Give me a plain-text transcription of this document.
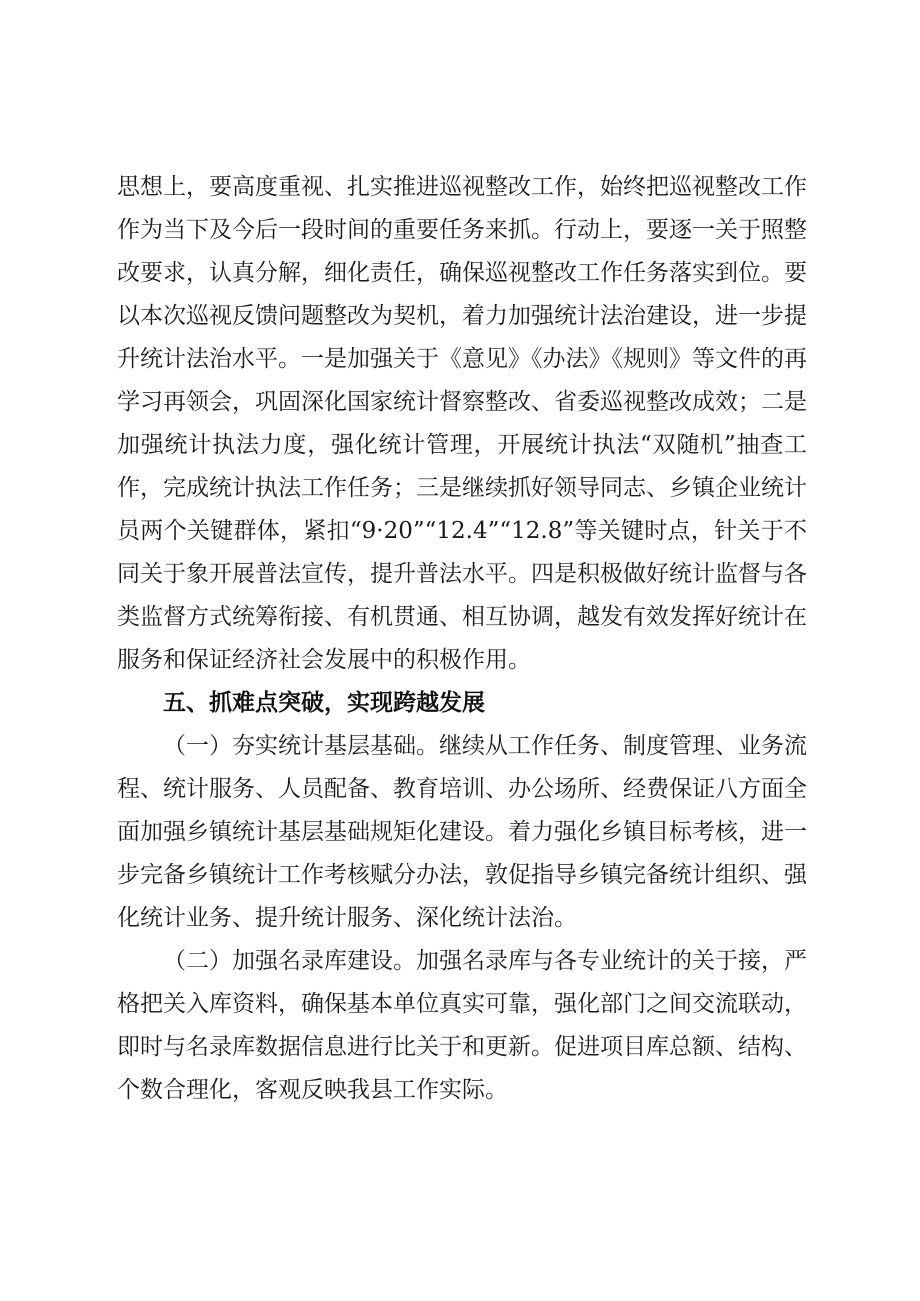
思想上，要高度重视、扎实推进巡视整改工作，始终把巡视整改工作作为当下及今后一段时间的重要任务来抓。行动上，要逐一关于照整改要求，认真分解，细化责任，确保巡视整改工作任务落实到位。要以本次巡视反馈问题整改为契机，着力加强统计法治建设，进一步提升统计法治水平。一是加强关于《意见》《办法》《规则》等文件的再学习再领会，巩固深化国家统计督察整改、省委巡视整改成效；二是加强统计执法力度，强化统计管理，开展统计执法“双随机”抽查工作，完成统计执法工作任务；三是继续抓好领导同志、乡镇企业统计员两个关键群体，紧扣“9·20”“12.4”“12.8”等关键时点，针关于不同关于象开展普法宣传，提升普法水平。四是积极做好统计监督与各类监督方式统筹衔接、有机贯通、相互协调，越发有效发挥好统计在服务和保证经济社会发展中的积极作用。

五、抓难点突破，实现跨越发展

（一）夯实统计基层基础。继续从工作任务、制度管理、业务流程、统计服务、人员配备、教育培训、办公场所、经费保证八方面全面加强乡镇统计基层基础规矩化建设。着力强化乡镇目标考核，进一步完备乡镇统计工作考核赋分办法，敦促指导乡镇完备统计组织、强化统计业务、提升统计服务、深化统计法治。

（二）加强名录库建设。加强名录库与各专业统计的关于接，严格把关入库资料，确保基本单位真实可靠，强化部门之间交流联动，即时与名录库数据信息进行比关于和更新。促进项目库总额、结构、个数合理化，客观反映我县工作实际。
